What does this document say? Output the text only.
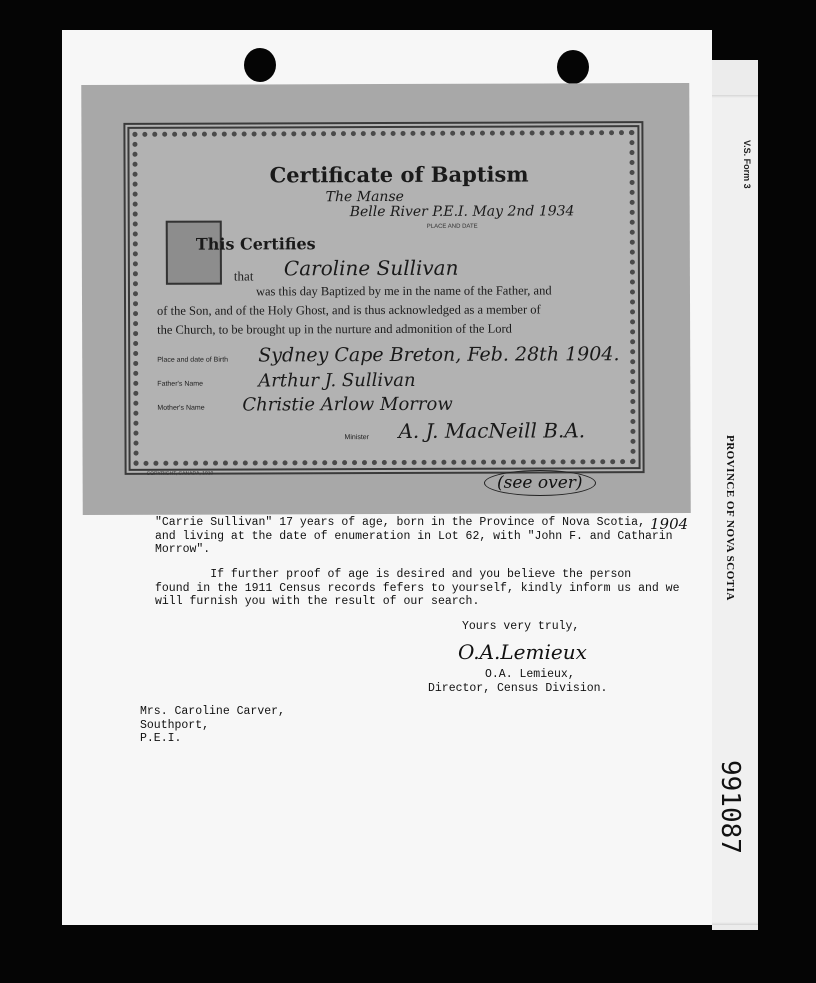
V.S. Form 3
PROVINCE OF NOVA SCOTIA
991087
"Carrie Sullivan" 17 years of age, born in the Province of Nova Scotia,
and living at the date of enumeration in Lot 62, with "John F. and Catharin
Morrow".
1904
If further proof of age is desired and you believe the person
found in the 1911 Census records fefers to yourself, kindly inform us and we
will furnish you with the result of our search.
Yours very truly,
O.A.Lemieux
O.A. Lemieux,
Director, Census Division.
Mrs. Caroline Carver,
Southport,
P.E.I.
Certificate of Baptism
The Manse
Belle River P.E.I. May 2nd 1934
PLACE AND DATE
This Certifies
that Caroline Sullivan
was this day Baptized by me in the name of the Father, and
of the Son, and of the Holy Ghost, and is thus acknowledged as a member of
the Church, to be brought up in the nurture and admonition of the Lord
Place and date of Birth Sydney Cape Breton, Feb. 28th 1904.
Father's Name	Arthur J. Sullivan
Mother's Name Christie Arlow Morrow
Minister A. J. MacNeill B.A.
COPYRIGHT, CANADA, 1910	(see over)
